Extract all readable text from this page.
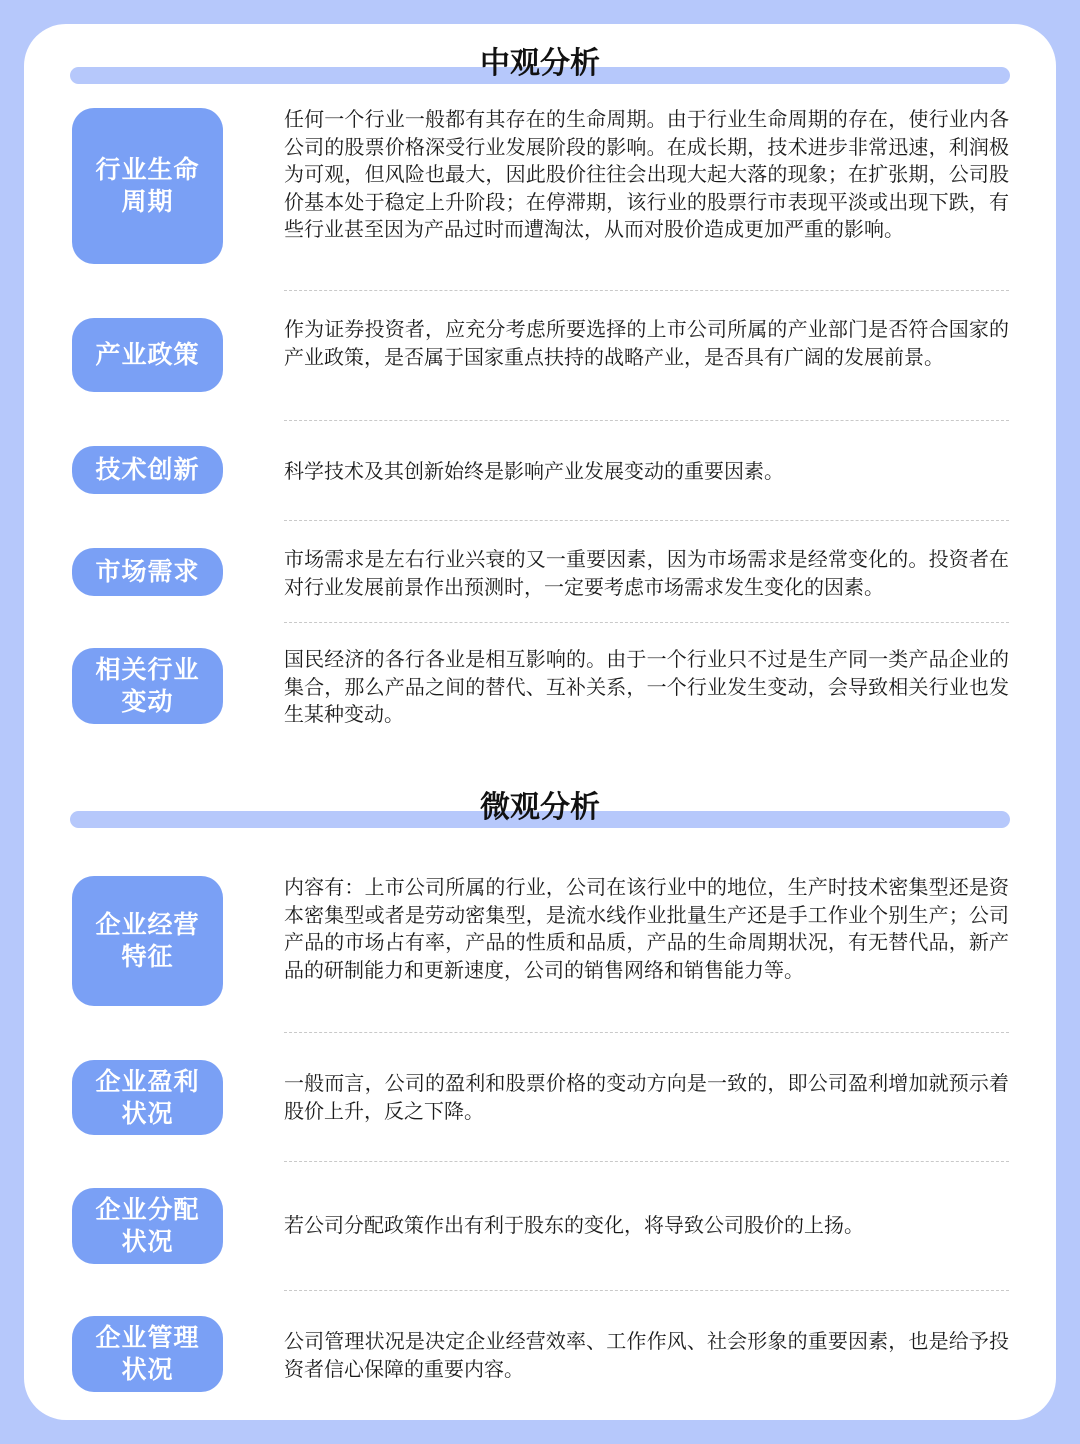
中观分析
行业生命周期
任何一个行业一般都有其存在的生命周期。由于行业生命周期的存在，使行业内各公司的股票价格深受行业发展阶段的影响。在成长期，技术进步非常迅速，利润极为可观，但风险也最大，因此股价往往会出现大起大落的现象；在扩张期，公司股价基本处于稳定上升阶段；在停滞期，该行业的股票行市表现平淡或出现下跌，有些行业甚至因为产品过时而遭淘汰，从而对股价造成更加严重的影响。
产业政策
作为证券投资者，应充分考虑所要选择的上市公司所属的产业部门是否符合国家的产业政策，是否属于国家重点扶持的战略产业，是否具有广阔的发展前景。
技术创新	科学技术及其创新始终是影响产业发展变动的重要因素。
市场需求	市场需求是左右行业兴衰的又一重要因素，因为市场需求是经常变化的。投资者在对行业发展前景作出预测时，一定要考虑市场需求发生变化的因素。
相关行业变动
国民经济的各行各业是相互影响的。由于一个行业只不过是生产同一类产品企业的集合，那么产品之间的替代、互补关系，一个行业发生变动，会导致相关行业也发生某种变动。
微观分析
企业经营特征
内容有：上市公司所属的行业，公司在该行业中的地位，生产时技术密集型还是资本密集型或者是劳动密集型，是流水线作业批量生产还是手工作业个别生产；公司产品的市场占有率，产品的性质和品质，产品的生命周期状况，有无替代品，新产品的研制能力和更新速度，公司的销售网络和销售能力等。
企业盈利状况
一般而言，公司的盈利和股票价格的变动方向是一致的，即公司盈利增加就预示着股价上升，反之下降。
企业分配状况
若公司分配政策作出有利于股东的变化，将导致公司股价的上扬。
企业管理状况
公司管理状况是决定企业经营效率、工作作风、社会形象的重要因素，也是给予投资者信心保障的重要内容。
